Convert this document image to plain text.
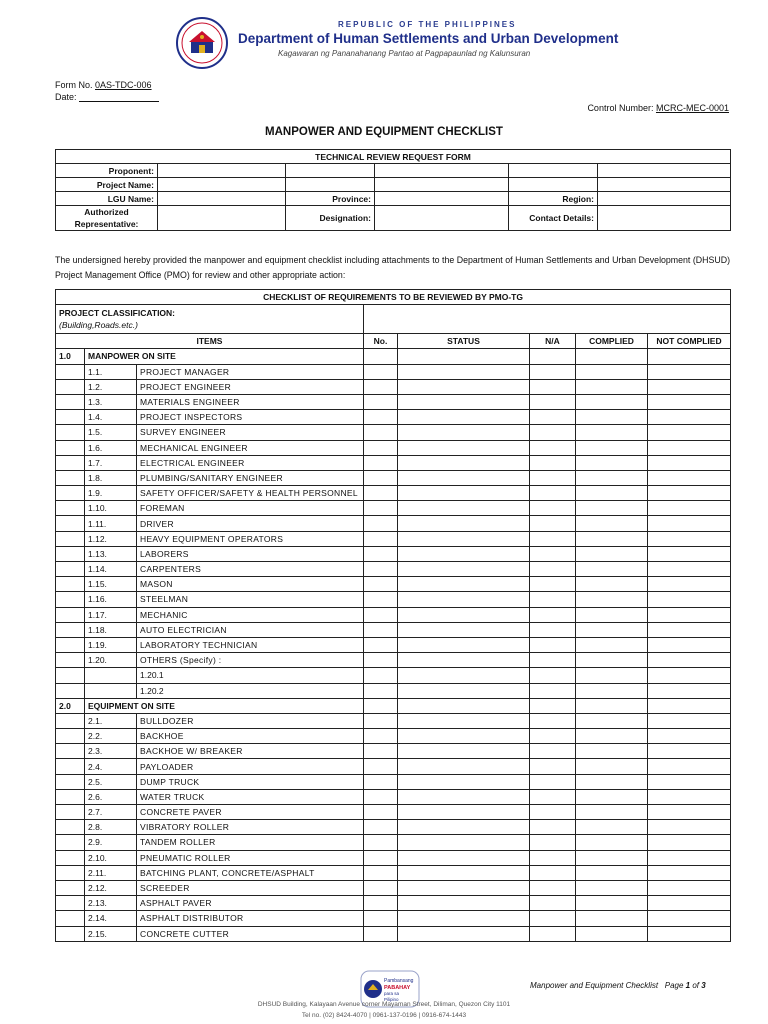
REPUBLIC OF THE PHILIPPINES
Department of Human Settlements and Urban Development
Kagawaran ng Pananahanang Pantao at Pagpapaunlad ng Kalunsuran
Form No. 0AS-TDC-006
Date:
Control Number: MCRC-MEC-0001
MANPOWER AND EQUIPMENT CHECKLIST
TECHNICAL REVIEW REQUEST FORM					
Proponent:					
Project Name:					
LGU Name:		Province:		Region:	
Authorized Representative:		Designation:		Contact Details:	
The undersigned hereby provided the manpower and equipment checklist including attachments to the Department of Human Settlements and Urban Development (DHSUD) Project Management Office (PMO) for review and other appropriate action:
CHECKLIST OF REQUIREMENTS TO BE REVIEWED BY PMO-TG							

PROJECT CLASSIFICATION:
(Building,Roads.etc.)							

ITEMS			No.	STATUS	N/A	COMPLIED	NOT COMPLIED
1.0	MANPOWER ON SITE						
	1.1.	PROJECT MANAGER					
	1.2.	PROJECT ENGINEER					
	1.3.	MATERIALS ENGINEER					
	1.4.	PROJECT INSPECTORS					
	1.5.	SURVEY ENGINEER					
	1.6.	MECHANICAL ENGINEER					
	1.7.	ELECTRICAL ENGINEER					
	1.8.	PLUMBING/SANITARY ENGINEER					
	1.9.	SAFETY OFFICER/SAFETY & HEALTH PERSONNEL					
	1.10.	FOREMAN					
	1.11.	DRIVER					
	1.12.	HEAVY EQUIPMENT OPERATORS					
	1.13.	LABORERS					
	1.14.	CARPENTERS					
	1.15.	MASON					
	1.16.	STEELMAN					
	1.17.	MECHANIC					
	1.18.	AUTO ELECTRICIAN					
	1.19.	LABORATORY TECHNICIAN					
	1.20.	OTHERS (Specify) :					
		1.20.1					
		1.20.2					
2.0	EQUIPMENT ON SITE						
	2.1.	BULLDOZER					
	2.2.	BACKHOE					
	2.3.	BACKHOE W/ BREAKER					
	2.4.	PAYLOADER					
	2.5.	DUMP TRUCK					
	2.6.	WATER TRUCK					
	2.7.	CONCRETE PAVER					
	2.8.	VIBRATORY ROLLER					
	2.9.	TANDEM ROLLER					
	2.10.	PNEUMATIC ROLLER					
	2.11.	BATCHING PLANT, CONCRETE/ASPHALT					
	2.12.	SCREEDER					
	2.13.	ASPHALT PAVER					
	2.14.	ASPHALT DISTRIBUTOR					
	2.15.	CONCRETE CUTTER					
Pambansang
PABAHAY
para sa
Pilipino
Manpower and Equipment Checklist Page 1 of 3
DHSUD Building, Kalayaan Avenue corner Mayaman Street, Diliman, Quezon City 1101
Tel no. (02) 8424-4070 | 0961-137-0196 | 0916-674-1443
